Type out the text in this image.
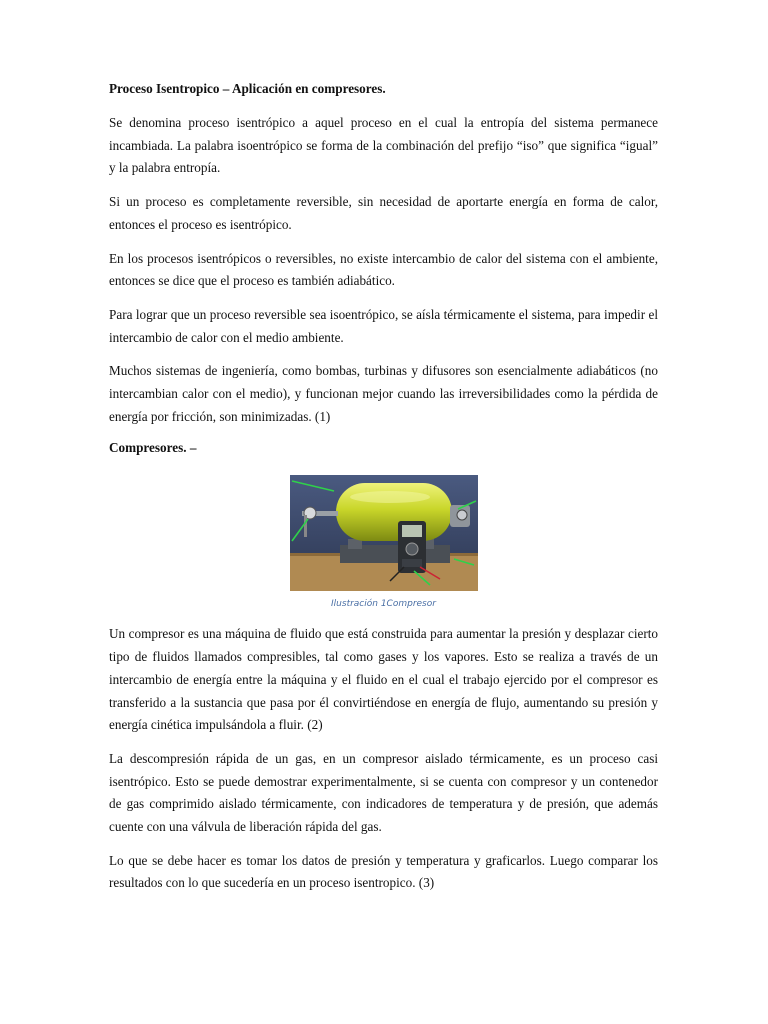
Proceso Isentropico – Aplicación en compresores.

Se denomina proceso isentrópico a aquel proceso en el cual la entropía del sistema permanece incambiada. La palabra isoentrópico se forma de la combinación del prefijo “iso” que significa “igual” y la palabra entropía.

Si un proceso es completamente reversible, sin necesidad de aportarte energía en forma de calor, entonces el proceso es isentrópico.

En los procesos isentrópicos o reversibles, no existe intercambio de calor del sistema con el ambiente, entonces se dice que el proceso es también adiabático.

Para lograr que un proceso reversible sea isoentrópico, se aísla térmicamente el sistema, para impedir el intercambio de calor con el medio ambiente.

Muchos sistemas de ingeniería, como bombas, turbinas y difusores son esencialmente adiabáticos (no intercambian calor con el medio), y funcionan mejor cuando las irreversibilidades como la pérdida de energía por fricción, son minimizadas. (1)

Compresores. –
Ilustración 1Compresor

Un compresor es una máquina de fluido que está construida para aumentar la presión y desplazar cierto tipo de fluidos llamados compresibles, tal como gases y los vapores. Esto se realiza a través de un intercambio de energía entre la máquina y el fluido en el cual el trabajo ejercido por el compresor es transferido a la sustancia que pasa por él convirtiéndose en energía de flujo, aumentando su presión y energía cinética impulsándola a fluir. (2)

La descompresión rápida de un gas, en un compresor aislado térmicamente, es un proceso casi isentrópico. Esto se puede demostrar experimentalmente, si se cuenta con compresor y un contenedor de gas comprimido aislado térmicamente, con indicadores de temperatura y de presión, que además cuente con una válvula de liberación rápida del gas.

Lo que se debe hacer es tomar los datos de presión y temperatura y graficarlos. Luego comparar los resultados con lo que sucedería en un proceso isentropico. (3)
